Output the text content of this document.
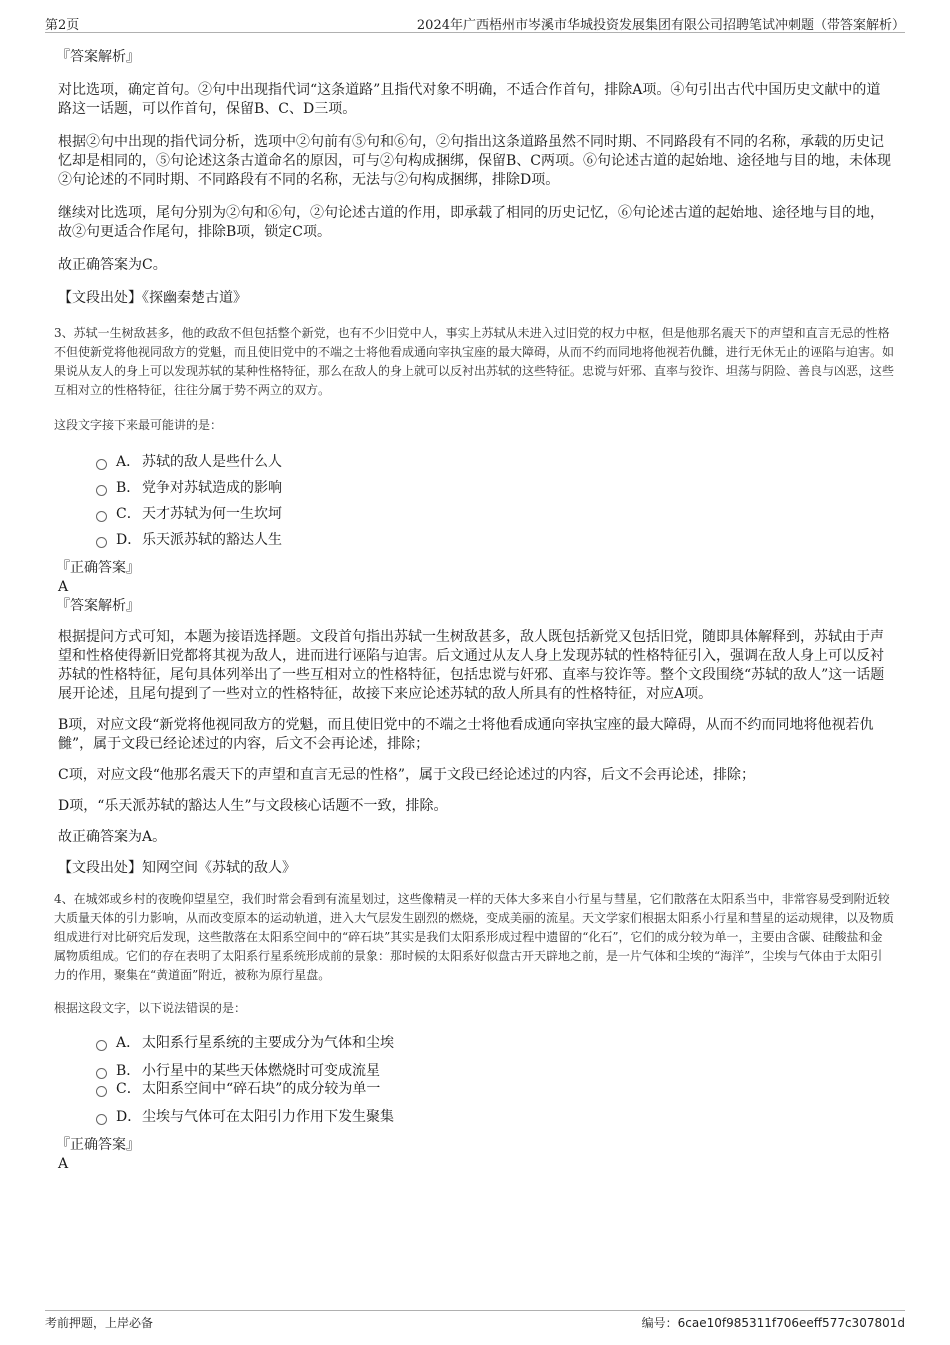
第2页	2024年广西梧州市岑溪市华城投资发展集团有限公司招聘笔试冲刺题（带答案解析）

『答案解析』

对比选项，确定首句。②句中出现指代词“这条道路”且指代对象不明确，不适合作首句，排除A项。④句引出古代中国历史文献中的道路这一话题，可以作首句，保留B、C、D三项。

根据②句中出现的指代词分析，选项中②句前有⑤句和⑥句，②句指出这条道路虽然不同时期、不同路段有不同的名称，承载的历史记忆却是相同的，⑤句论述这条古道命名的原因，可与②句构成捆绑，保留B、C两项。⑥句论述古道的起始地、途径地与目的地，未体现②句论述的不同时期、不同路段有不同的名称，无法与②句构成捆绑，排除D项。

继续对比选项，尾句分别为②句和⑥句，②句论述古道的作用，即承载了相同的历史记忆，⑥句论述古道的起始地、途径地与目的地，故②句更适合作尾句，排除B项，锁定C项。

故正确答案为C。

【文段出处】《探幽秦楚古道》

3、苏轼一生树敌甚多，他的政敌不但包括整个新党，也有不少旧党中人，事实上苏轼从未进入过旧党的权力中枢，但是他那名震天下的声望和直言无忌的性格不但使新党将他视同敌方的党魁，而且使旧党中的不端之士将他看成通向宰执宝座的最大障碍，从而不约而同地将他视若仇雠，进行无休无止的诬陷与迫害。如果说从友人的身上可以发现苏轼的某种性格特征，那么在敌人的身上就可以反衬出苏轼的这些特征。忠谠与奸邪、直率与狡诈、坦荡与阴险、善良与凶恶，这些互相对立的性格特征，往往分属于势不两立的双方。

这段文字接下来最可能讲的是：

A． 苏轼的敌人是些什么人
B． 党争对苏轼造成的影响
C． 天才苏轼为何一生坎坷
D． 乐天派苏轼的豁达人生

『正确答案』

A

『答案解析』

根据提问方式可知，本题为接语选择题。文段首句指出苏轼一生树敌甚多，敌人既包括新党又包括旧党，随即具体解释到，苏轼由于声望和性格使得新旧党都将其视为敌人，进而进行诬陷与迫害。后文通过从友人身上发现苏轼的性格特征引入，强调在敌人身上可以反衬苏轼的性格特征，尾句具体列举出了一些互相对立的性格特征，包括忠谠与奸邪、直率与狡诈等。整个文段围绕“苏轼的敌人”这一话题展开论述，且尾句提到了一些对立的性格特征，故接下来应论述苏轼的敌人所具有的性格特征，对应A项。

B项，对应文段“新党将他视同敌方的党魁，而且使旧党中的不端之士将他看成通向宰执宝座的最大障碍，从而不约而同地将他视若仇雠”，属于文段已经论述过的内容，后文不会再论述，排除；

C项，对应文段“他那名震天下的声望和直言无忌的性格”，属于文段已经论述过的内容，后文不会再论述，排除；

D项，“乐天派苏轼的豁达人生”与文段核心话题不一致，排除。

故正确答案为A。

【文段出处】知网空间《苏轼的敌人》

4、在城郊或乡村的夜晚仰望星空，我们时常会看到有流星划过，这些像精灵一样的天体大多来自小行星与彗星，它们散落在太阳系当中，非常容易受到附近较大质量天体的引力影响，从而改变原本的运动轨道，进入大气层发生剧烈的燃烧，变成美丽的流星。天文学家们根据太阳系小行星和彗星的运动规律，以及物质组成进行对比研究后发现，这些散落在太阳系空间中的“碎石块”其实是我们太阳系形成过程中遗留的“化石”，它们的成分较为单一，主要由含碳、硅酸盐和金属物质组成。它们的存在表明了太阳系行星系统形成前的景象：那时候的太阳系好似盘古开天辟地之前，是一片气体和尘埃的“海洋”，尘埃与气体由于太阳引力的作用，聚集在“黄道面”附近，被称为原行星盘。

根据这段文字，以下说法错误的是：

A． 太阳系行星系统的主要成分为气体和尘埃
B． 小行星中的某些天体燃烧时可变成流星
C． 太阳系空间中“碎石块”的成分较为单一
D． 尘埃与气体可在太阳引力作用下发生聚集

『正确答案』

A

考前押题，上岸必备	编号：6cae10f985311f706eeff577c307801d
